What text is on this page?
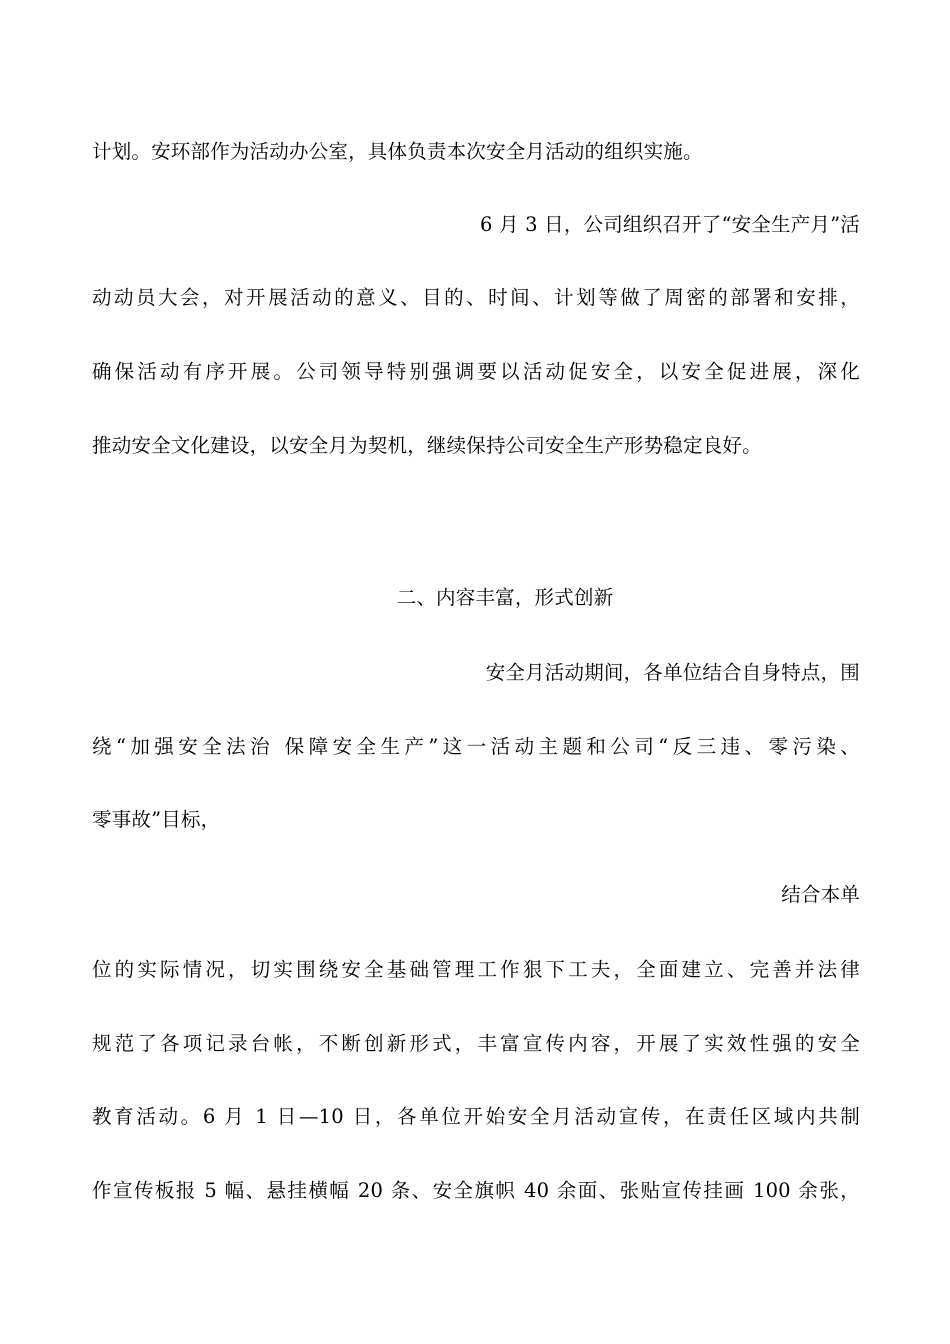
计划。安环部作为活动办公室，具体负责本次安全月活动的组织实施。
6 月 3 日，公司组织召开了“安全生产月”活
动动员大会，对开展活动的意义、目的、时间、计划等做了周密的部署和安排，
确保活动有序开展。公司领导特别强调要以活动促安全，以安全促进展，深化
推动安全文化建设，以安全月为契机，继续保持公司安全生产形势稳定良好。
二、内容丰富，形式创新
安全月活动期间，各单位结合自身特点，围
绕“加强安全法治 保障安全生产”这一活动主题和公司“反三违、零污染、
零事故”目标，
结合本单
位的实际情况，切实围绕安全基础管理工作狠下工夫，全面建立、完善并法律
规范了各项记录台帐，不断创新形式，丰富宣传内容，开展了实效性强的安全
教育活动。6 月 1 日—10 日，各单位开始安全月活动宣传，在责任区域内共制
作宣传板报 5 幅、悬挂横幅 20 条、安全旗帜 40 余面、张贴宣传挂画 100 余张，
